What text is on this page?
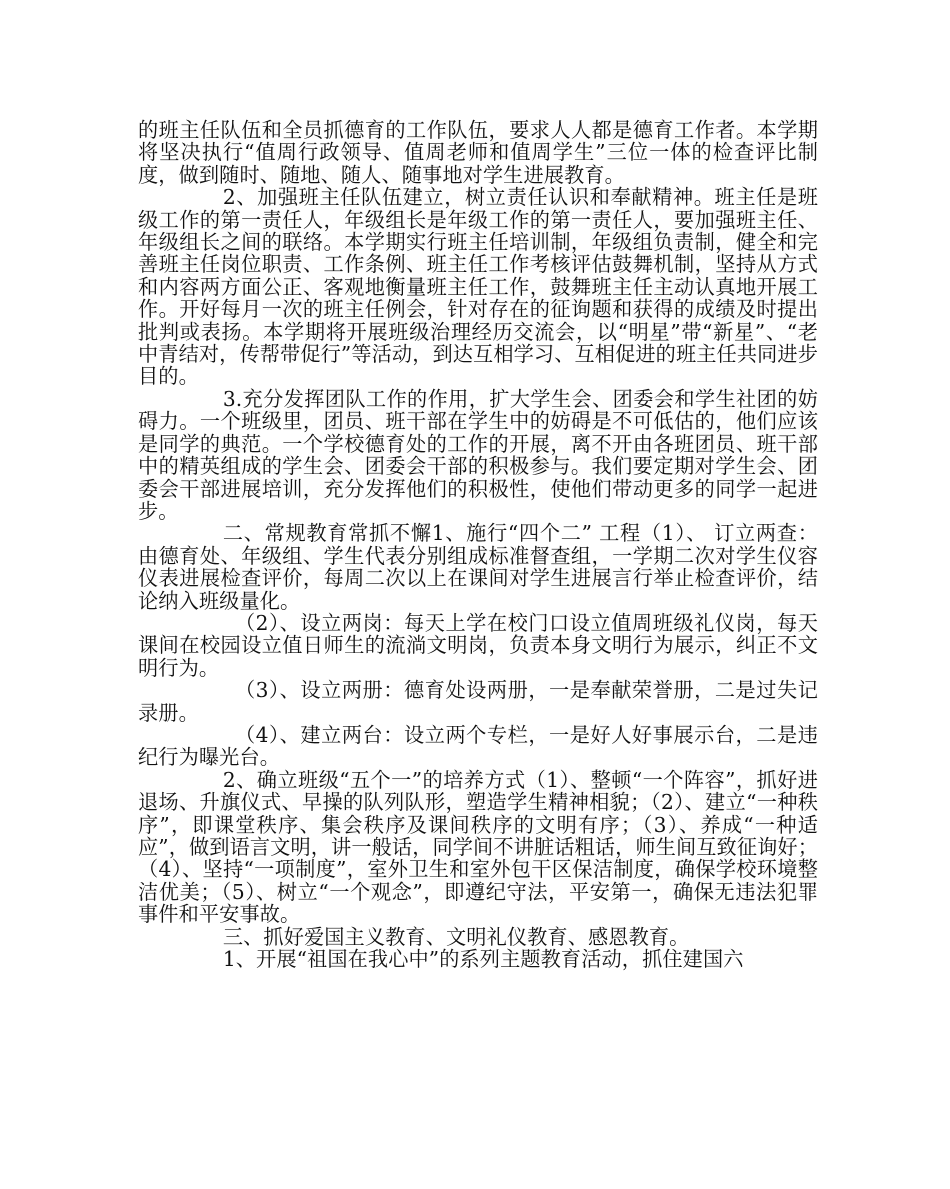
的班主任队伍和全员抓德育的工作队伍，要求人人都是德育工作者。本学期将坚决执行“值周行政领导、值周老师和值周学生”三位一体的检查评比制度，做到随时、随地、随人、随事地对学生进展教育。

2、加强班主任队伍建立，树立责任认识和奉献精神。班主任是班级工作的第一责任人，年级组长是年级工作的第一责任人，要加强班主任、年级组长之间的联络。本学期实行班主任培训制，年级组负责制，健全和完善班主任岗位职责、工作条例、班主任工作考核评估鼓舞机制，坚持从方式和内容两方面公正、客观地衡量班主任工作，鼓舞班主任主动认真地开展工作。开好每月一次的班主任例会，针对存在的征询题和获得的成绩及时提出批判或表扬。本学期将开展班级治理经历交流会，以“明星”带“新星”、“老中青结对，传帮带促行”等活动，到达互相学习、互相促进的班主任共同进步目的。

3.充分发挥团队工作的作用，扩大学生会、团委会和学生社团的妨碍力。一个班级里，团员、班干部在学生中的妨碍是不可低估的，他们应该是同学的典范。一个学校德育处的工作的开展，离不开由各班团员、班干部中的精英组成的学生会、团委会干部的积极参与。我们要定期对学生会、团委会干部进展培训，充分发挥他们的积极性，使他们带动更多的同学一起进步。

二、常规教育常抓不懈1、施行“四个二” 工程（1）、 订立两查：由德育处、年级组、学生代表分别组成标准督查组，一学期二次对学生仪容仪表进展检查评价，每周二次以上在课间对学生进展言行举止检查评价，结论纳入班级量化。

（2）、设立两岗：每天上学在校门口设立值周班级礼仪岗，每天课间在校园设立值日师生的流淌文明岗，负责本身文明行为展示，纠正不文明行为。

（3）、设立两册：德育处设两册，一是奉献荣誉册，二是过失记录册。

（4）、建立两台：设立两个专栏，一是好人好事展示台，二是违纪行为曝光台。

2、确立班级“五个一”的培养方式（1）、整顿“一个阵容”，抓好进退场、升旗仪式、早操的队列队形，塑造学生精神相貌；（2）、建立“一种秩序”，即课堂秩序、集会秩序及课间秩序的文明有序；（3）、养成“一种适应”，做到语言文明，讲一般话，同学间不讲脏话粗话，师生间互致征询好；（4）、坚持“一项制度”，室外卫生和室外包干区保洁制度，确保学校环境整洁优美；（5）、树立“一个观念”，即遵纪守法，平安第一，确保无违法犯罪事件和平安事故。

三、抓好爱国主义教育、文明礼仪教育、感恩教育。

1、开展“祖国在我心中”的系列主题教育活动，抓住建国六
